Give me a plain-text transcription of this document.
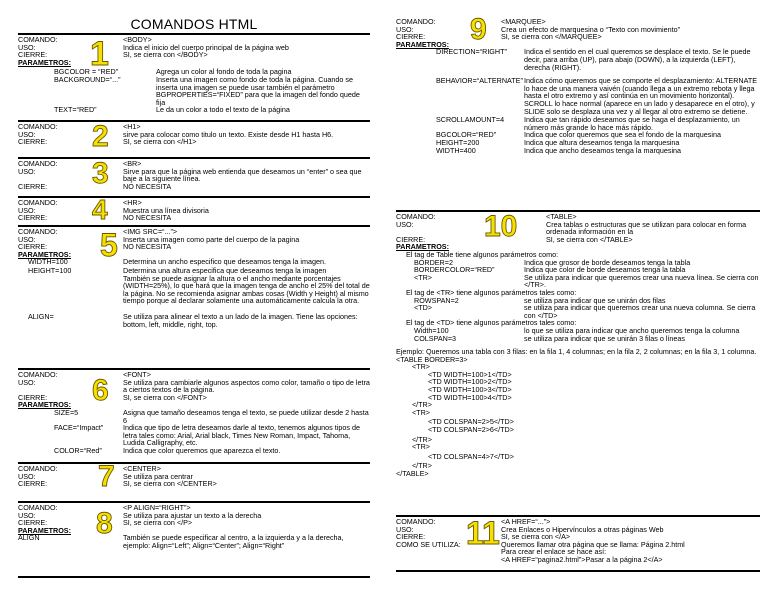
COMANDOS HTML
1
COMANDO:	<BODY>
USO:	Indica el inicio del cuerpo principal de la página web
CIERRE:	SI, se cierra con </BODY>
PARAMETROS:
BGCOLOR = “RED”	Agrega un color al fondo de toda la pagina
BACKGROUND=“...”	Inserta una imagen como fondo de toda la página. Cuando se inserta una imagen se puede usar también el parámetro BGPROPERTIES=“FIXED” para que la imagen del fondo quede fija
TEXT=“RED”	Le da un color a todo el texto de la página
2
COMANDO:	<H1>
USO:	sirve para colocar como titulo un texto. Existe desde H1 hasta H6.
CIERRE:	SI, se cierra con </H1>
3
COMANDO:	<BR>
USO:	Sirve para que la página web entienda que deseamos un “enter” o sea que baje a la siguiente línea.
CIERRE:	NO NECESITA
4
COMANDO:	<HR>
USO:	Muestra una línea divisoria
CIERRE:	NO NECESITA
5
COMANDO:	<IMG SRC=“...”>
USO:	Inserta una imagen como parte del cuerpo de la pagina
CIERRE:	NO NECESITA
PARAMETROS:
WIDTH=100	Determina un ancho especifico que deseamos tenga la imagen.
HEIGHT=100	Determina una altura especifica que deseamos tenga la imagen
También se puede asignar la altura o el ancho mediante porcentajes (WIDTH=25%), lo que hará que la imagen tenga de ancho el 25% del total de la página. No se recomienda asignar ambas cosas (Width y Height) al mismo tiempo porque al declarar solamente una automáticamente calcula la otra.
ALIGN=	Se utiliza para alinear el texto a un lado de la imagen. Tiene las opciones: bottom, left, middle, right, top.
6
COMANDO:	<FONT>
USO:	Se utiliza para cambiarle algunos aspectos como color, tamaño o tipo de letra a ciertos textos de la página.
CIERRE:	SI, se cierra con </FONT>
PARAMETROS:
SIZE=5	Asigna que tamaño deseamos tenga el texto, se puede utilizar desde 2 hasta 6
FACE=“Impact”	Indica que tipo de letra deseamos darle al texto, tenemos algunos tipos de letra tales como: Arial, Arial black, Times New Roman, Impact, Tahoma, Ludida Calligraphy, etc.
COLOR=“Red”	Indica que color queremos que aparezca el texto.
7
COMANDO:	<CENTER>
USO:	Se utiliza para centrar
CIERRE:	SI, se cierra con </CENTER>
8
COMANDO:	<P ALIGN=“RIGHT”>
USO:	Se utiliza para ajustar un texto a la derecha
CIERRE:	SI, se cierra con </P>
PARAMETROS:
ALIGN	También se puede especificar al centro, a la izquierda y a la derecha, ejemplo: Align=“Left”; Align=“Center”; Align=“Right”
9
COMANDO:	<MARQUEE>
USO:	Crea un efecto de marquesina o “Texto con movimiento”
CIERRE:	SI, se cierra con </MARQUEE>
PARAMETROS:
DIRECTION=“RIGHT”	Indica el sentido en el cual queremos se desplace el texto. Se le puede decir, para arriba (UP), para abajo (DOWN), a la izquierda (LEFT), derecha (RIGHT).
BEHAVIOR=“ALTERNATE” Indica cómo queremos que se comporte el desplazamiento: ALTERNATE lo hace de una manera vaivén (cuando llega a un extremo rebota y llega hasta el otro extremo y así continúa en un movimiento horizontal). SCROLL lo hace normal (aparece en un lado y desaparece en el otro), y SLIDE solo se desplaza una vez y al llegar al otro extremo se detiene.
SCROLLAMOUNT=4	Indica que tan rápido deseamos que se haga el desplazamiento, un número más grande lo hace más rápido.
BGCOLOR=“RED”	Indica que color queremos que sea el fondo de la marquesina
HEIGHT=200	Indica que altura deseamos tenga la marquesina
WIDTH=400	Indica que ancho deseamos tenga la marquesina
10
COMANDO:	<TABLE>
USO:	Crea tablas o estructuras que se utilizan para colocar en forma ordenada información en la
CIERRE:	SI, se cierra con </TABLE>
PARAMETROS:
El tag de Table tiene algunos parámetros como:
BORDER=2	Indica que grosor de borde deseamos tenga la tabla
BORDERCOLOR=“RED”	Indica que color de borde deseamos tenga la tabla
<TR>	Se utiliza para indicar que queremos crear una nueva línea. Se cierra con </TR>.
El tag de <TR> tiene algunos parámetros tales como:
ROWSPAN=2	se utiliza para indicar que se unirán dos filas
<TD>	se utiliza para indicar que queremos crear una nueva columna. Se cierra con </TD>
El tag de <TD> tiene algunos parámetros tales como:
Width=100	lo que se utiliza para indicar que ancho queremos tenga la columna
COLSPAN=3	se utiliza para indicar que se unirán 3 filas o líneas
Ejemplo: Queremos una tabla con 3 filas: en la fila 1, 4 columnas; en la fila 2, 2 columnas; en la fila 3, 1 columna.
<TABLE BORDER=3>
<TR>
<TD WIDTH=100>1</TD>
<TD WIDTH=100>2</TD>
<TD WIDTH=100>3</TD>
<TD WIDTH=100>4</TD>
</TR>
<TR>
<TD COLSPAN=2>5</TD>
<TD COLSPAN=2>6</TD>
</TR>
<TR>
<TD COLSPAN=4>7</TD>
</TR>
</TABLE>
11
COMANDO:	<A HREF=“...”>
USO:	Crea Enlaces o Hipervínculos a otras páginas Web
CIERRE:	SI, se cierra con </A>
COMO SE UTILIZA:	Queremos llamar otra página que se llama: Página 2.html
Para crear el enlace se hace así:
<A HREF=“pagina2.html”>Pasar a la página 2</A>
